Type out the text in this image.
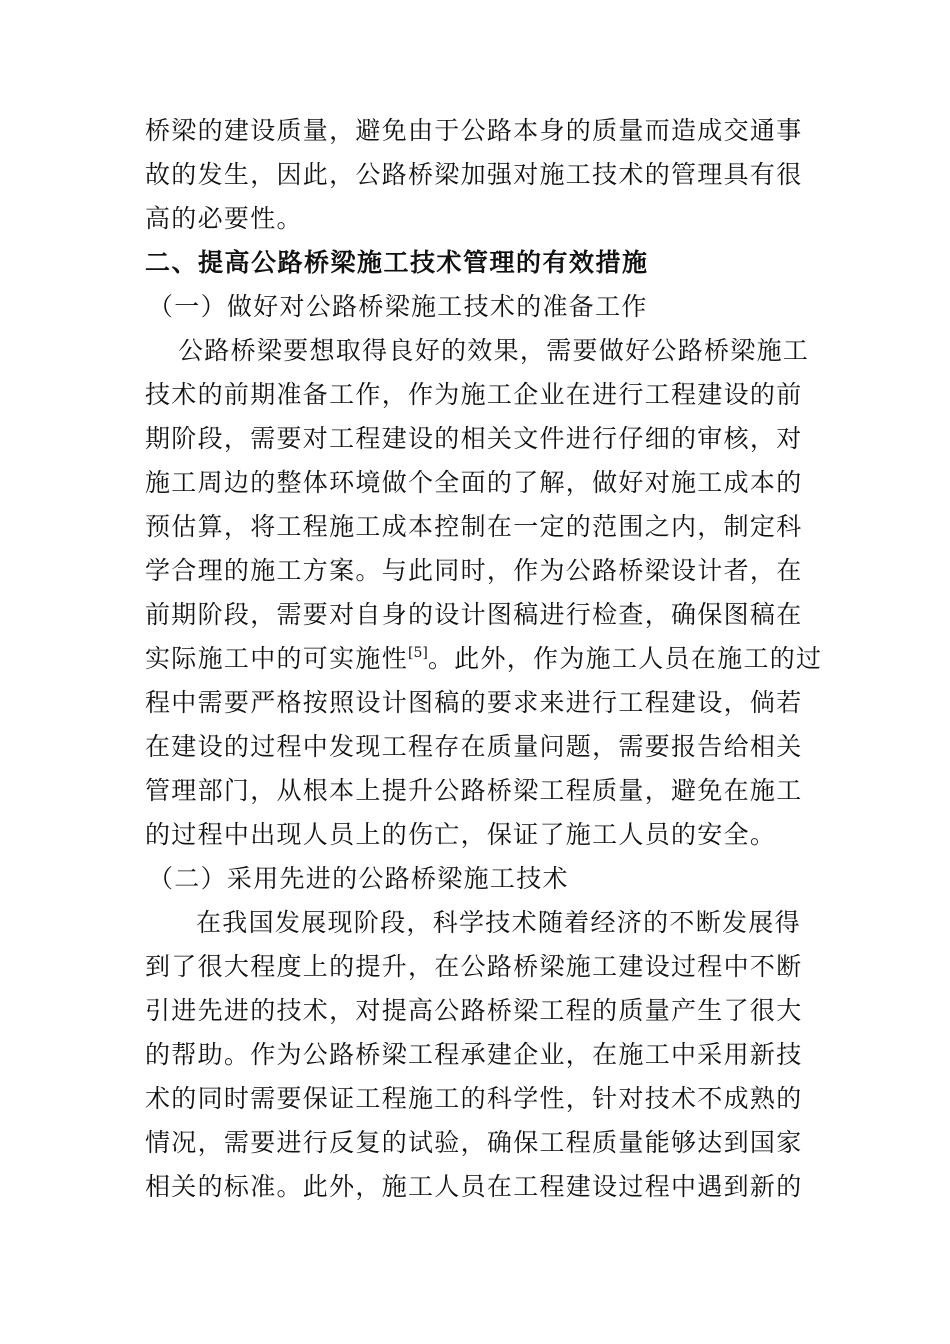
桥梁的建设质量，避免由于公路本身的质量而造成交通事
故的发生，因此，公路桥梁加强对施工技术的管理具有很
高的必要性。
二、提高公路桥梁施工技术管理的有效措施
（一）做好对公路桥梁施工技术的准备工作
公路桥梁要想取得良好的效果，需要做好公路桥梁施工
技术的前期准备工作，作为施工企业在进行工程建设的前
期阶段，需要对工程建设的相关文件进行仔细的审核，对
施工周边的整体环境做个全面的了解，做好对施工成本的
预估算，将工程施工成本控制在一定的范围之内，制定科
学合理的施工方案。与此同时，作为公路桥梁设计者，在
前期阶段，需要对自身的设计图稿进行检查，确保图稿在
实际施工中的可实施性[5]。此外，作为施工人员在施工的过
程中需要严格按照设计图稿的要求来进行工程建设，倘若
在建设的过程中发现工程存在质量问题，需要报告给相关
管理部门，从根本上提升公路桥梁工程质量，避免在施工
的过程中出现人员上的伤亡，保证了施工人员的安全。
（二）采用先进的公路桥梁施工技术
在我国发展现阶段，科学技术随着经济的不断发展得
到了很大程度上的提升，在公路桥梁施工建设过程中不断
引进先进的技术，对提高公路桥梁工程的质量产生了很大
的帮助。作为公路桥梁工程承建企业，在施工中采用新技
术的同时需要保证工程施工的科学性，针对技术不成熟的
情况，需要进行反复的试验，确保工程质量能够达到国家
相关的标准。此外，施工人员在工程建设过程中遇到新的
